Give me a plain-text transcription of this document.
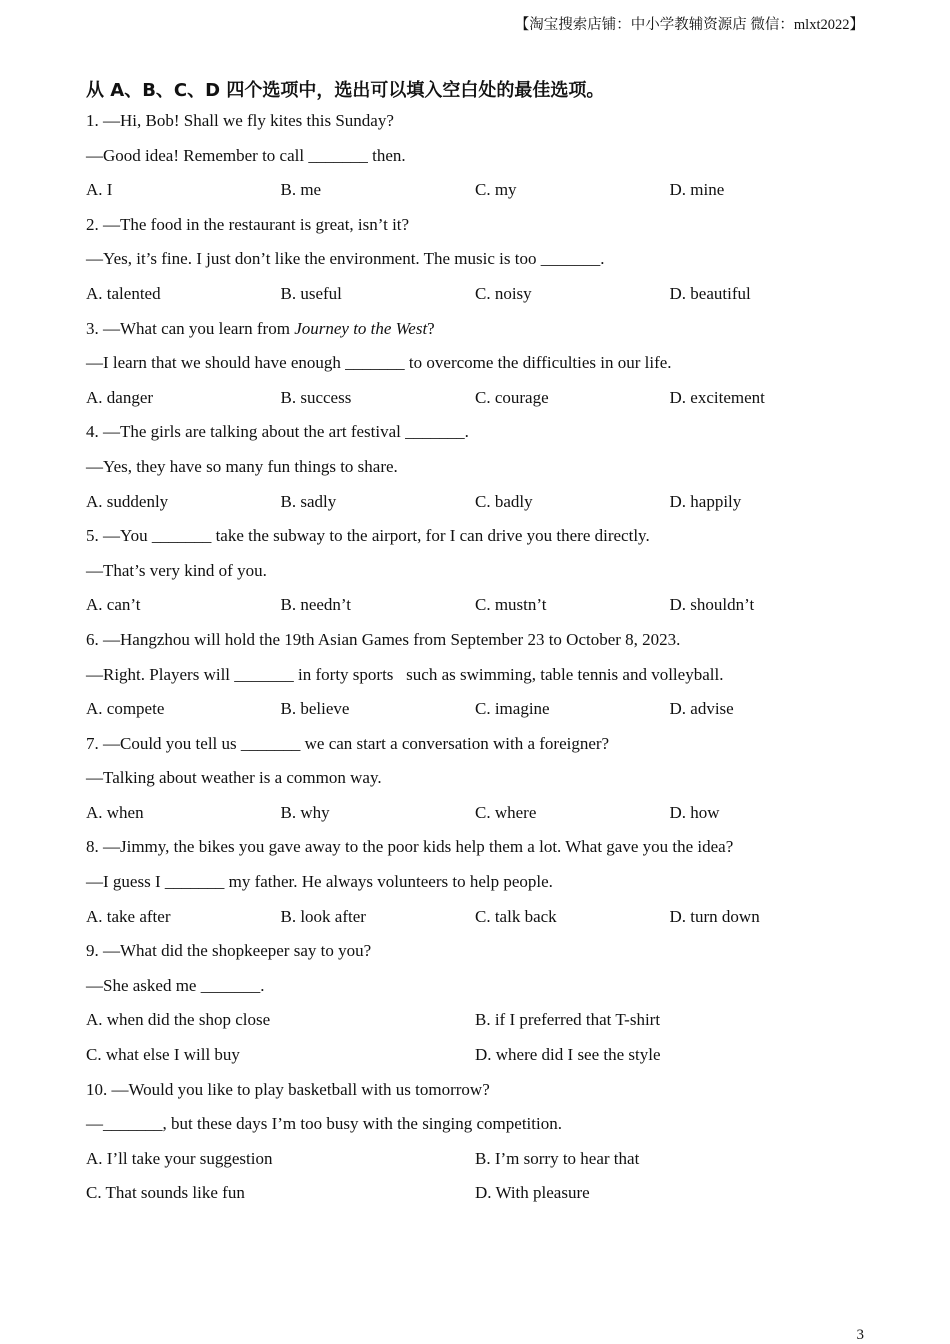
【淘宝搜索店铺：中小学教辅资源店 微信：mlxt2022】
从 A、B、C、D 四个选项中，选出可以填入空白处的最佳选项。
1. —Hi, Bob! Shall we fly kites this Sunday?
—Good idea! Remember to call _______ then.
A. I	B. me	C. my	D. mine
2. —The food in the restaurant is great, isn’t it?
—Yes, it’s fine. I just don’t like the environment. The music is too _______.
A. talented	B. useful	C. noisy	D. beautiful
3. —What can you learn from Journey to the West?
—I learn that we should have enough _______ to overcome the difficulties in our life.
A. danger	B. success	C. courage	D. excitement
4. —The girls are talking about the art festival _______.
—Yes, they have so many fun things to share.
A. suddenly	B. sadly	C. badly	D. happily
5. —You _______ take the subway to the airport, for I can drive you there directly.
—That’s very kind of you.
A. can’t	B. needn’t	C. mustn’t	D. shouldn’t
6. —Hangzhou will hold the 19th Asian Games from September 23 to October 8, 2023.
—Right. Players will _______ in forty sports   such as swimming, table tennis and volleyball.
A. compete	B. believe	C. imagine	D. advise
7. —Could you tell us _______ we can start a conversation with a foreigner?
—Talking about weather is a common way.
A. when	B. why	C. where	D. how
8. —Jimmy, the bikes you gave away to the poor kids help them a lot. What gave you the idea?
—I guess I _______ my father. He always volunteers to help people.
A. take after	B. look after	C. talk back	D. turn down
9. —What did the shopkeeper say to you?
—She asked me _______.
A. when did the shop close	B. if I preferred that T-shirt
C. what else I will buy	D. where did I see the style
10. —Would you like to play basketball with us tomorrow?
—_______, but these days I’m too busy with the singing competition.
A. I’ll take your suggestion	B. I’m sorry to hear that
C. That sounds like fun	D. With pleasure
3
